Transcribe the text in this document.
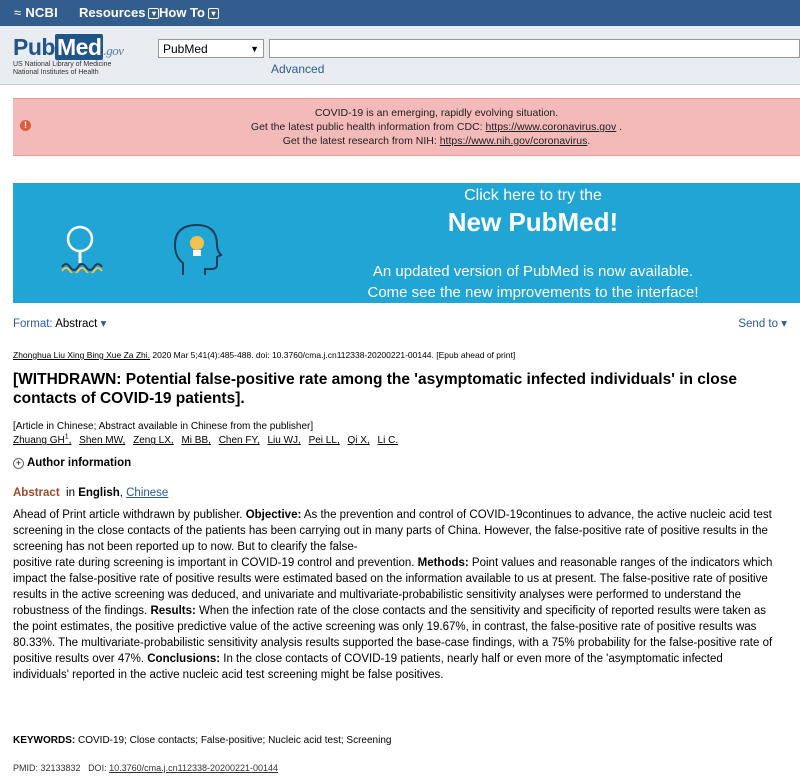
≈ NCBI Resources ▾ How To ▾
PubMed .gov
US National Library of Medicine
National Institutes of Health
PubMed	▼
Advanced
!
COVID-19 is an emerging, rapidly evolving situation.
Get the latest public health information from CDC: https://www.coronavirus.gov .
Get the latest research from NIH: https://www.nih.gov/coronavirus.
Click here to try the
New PubMed!
An updated version of PubMed is now available.
Come see the new improvements to the interface!
Format: Abstract ▾	Send to ▾
Zhonghua Liu Xing Bing Xue Za Zhi. 2020 Mar 5;41(4):485-488. doi: 10.3760/cma.j.cn112338-20200221-00144. [Epub ahead of print]
[WITHDRAWN: Potential false-positive rate among the 'asymptomatic infected individuals' in close contacts of COVID-19 patients].
[Article in Chinese; Abstract available in Chinese from the publisher]
Zhuang GH$^1$, Shen MW, Zeng LX, Mi BB, Chen FY, Liu WJ, Pei LL, Qi X, Li C.
+ Author information
Abstract in English, Chinese
Ahead of Print article withdrawn by publisher. Objective: As the prevention and control of COVID-19continues to advance, the active nucleic acid test screening in the close contacts of the patients has been carrying out in many parts of China. However, the false-positive rate of positive results in the screening has not been reported up to now. But to clearify the false-
positive rate during screening is important in COVID-19 control and prevention. Methods: Point values and reasonable ranges of the indicators which impact the false-positive rate of positive results were estimated based on the information available to us at present. The false-positive rate of positive results in the active screening was deduced, and univariate and multivariate-probabilistic sensitivity analyses were performed to understand the robustness of the findings. Results: When the infection rate of the close contacts and the sensitivity and specificity of reported results were taken as the point estimates, the positive predictive value of the active screening was only 19.67%, in contrast, the false-positive rate of positive results was 80.33%. The multivariate-probabilistic sensitivity analysis results supported the base-case findings, with a 75% probability for the false-positive rate of positive results over 47%. Conclusions: In the close contacts of COVID-19 patients, nearly half or even more of the 'asymptomatic infected individuals' reported in the active nucleic acid test screening might be false positives.
KEYWORDS: COVID-19; Close contacts; False-positive; Nucleic acid test; Screening
PMID: 32133832 DOI: 10.3760/cma.j.cn112338-20200221-00144
